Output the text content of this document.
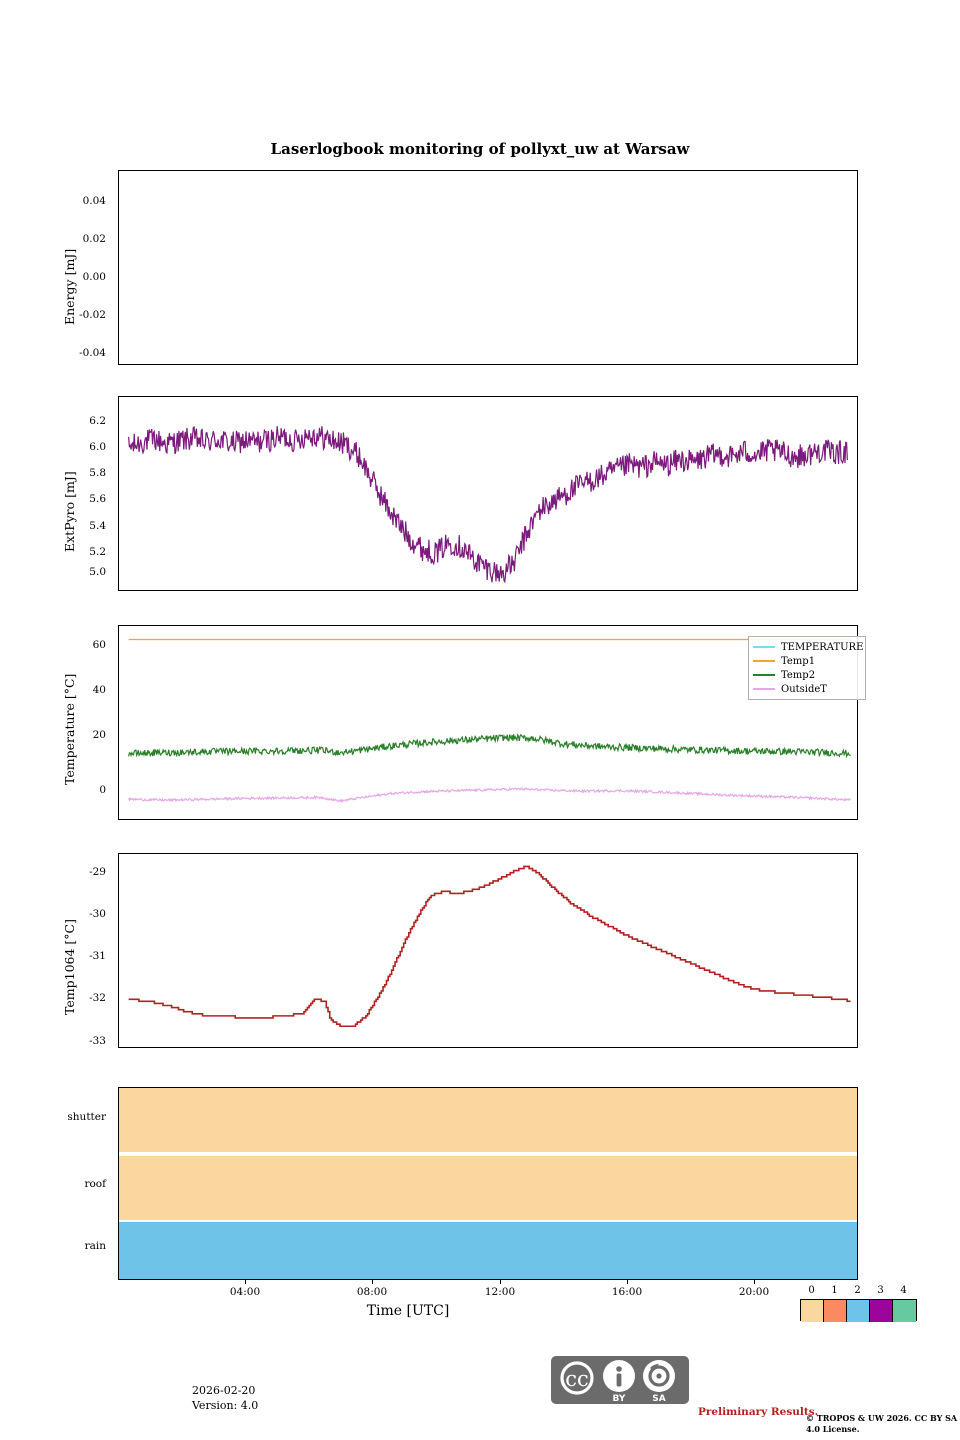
Laserlogbook monitoring of pollyxt_uw at Warsaw
Energy [mJ]
0.04
0.02
0.00
-0.02
-0.04
ExtPyro [mJ]
6.2
6.0
5.8
5.6
5.4
5.2
5.0
Temperature [°C]
60
40
20
0
TEMPERATURE
Temp1
Temp2
OutsideT
Temp1064 [°C]
-29
-30
-31
-32
-33
shutter
roof
rain
04:00	08:00	12:00	16:00	20:00
Time [UTC]
0	1	2	3	4
2026-02-20
Version: 4.0
cc
BY	SA
Preliminary Results.
© TROPOS & UW 2026. CC BY SA 4.0 License.
